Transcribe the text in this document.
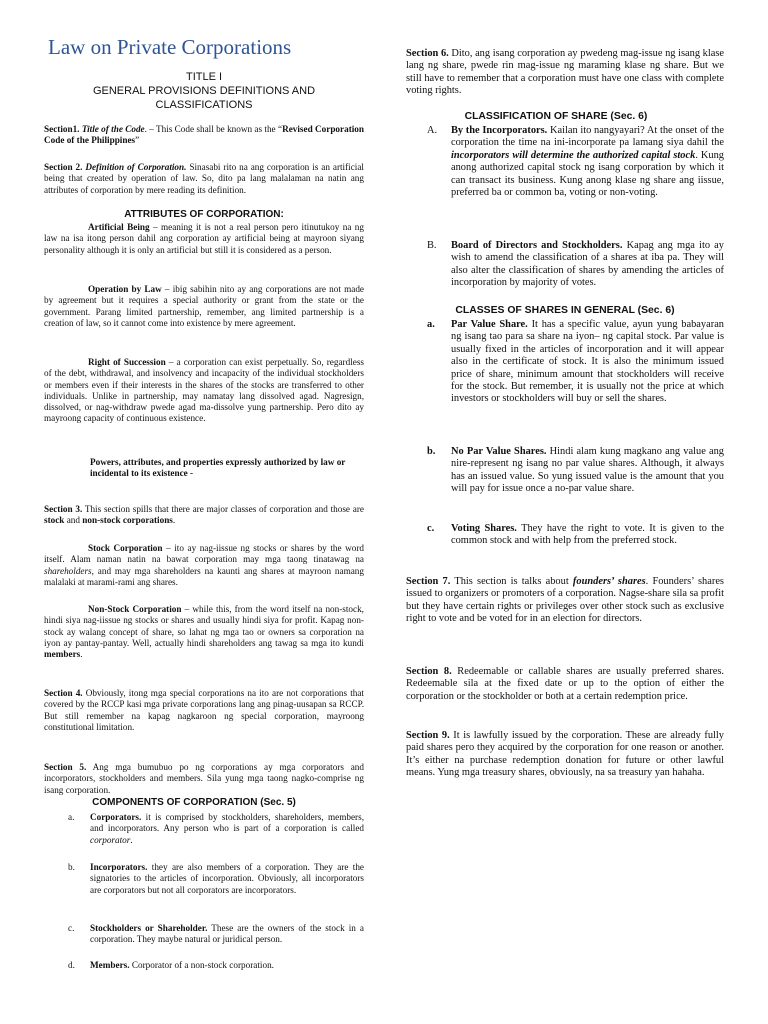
Law on Private Corporations
TITLE I
GENERAL PROVISIONS DEFINITIONS AND
CLASSIFICATIONS

Section1. Title of the Code. – This Code shall be known as the “Revised Corporation Code of the Philippines”

Section 2. Definition of Corporation. Sinasabi rito na ang corporation is an artificial being that created by operation of law. So, dito pa lang malalaman na natin ang attributes of corporation by mere reading its definition.

ATTRIBUTES OF CORPORATION:

Artificial Being – meaning it is not a real person pero itinutukoy na ng law na isa itong person dahil ang corporation ay artificial being at mayroon siyang personality although it is only an artificial but still it is considered as a person.

Operation by Law – ibig sabihin nito ay ang corporations are not made by agreement but it requires a special authority or grant from the state or the government. Parang limited partnership, remember, ang limited partnership is a creation of law, so it cannot come into existence by mere agreement.

Right of Succession – a corporation can exist perpetually. So, regardless of the debt, withdrawal, and insolvency and incapacity of the individual stockholders or members even if their interests in the shares of the stocks are transferred to other individuals. Unlike in partnership, may namatay lang dissolved agad. Nagresign, dissolved, or nag-withdraw pwede agad ma-dissolve yung partnership. Pero dito ay mayroong capacity of continuous existence.

Powers, attributes, and properties expressly authorized by law or incidental to its existence -

Section 3. This section spills that there are major classes of corporation and those are stock and non-stock corporations.

Stock Corporation – ito ay nag-iissue ng stocks or shares by the word itself. Alam naman natin na bawat corporation may mga taong tinatawag na shareholders, and may mga shareholders na kaunti ang shares at mayroon namang malalaki at marami-rami ang shares.

Non-Stock Corporation – while this, from the word itself na non-stock, hindi siya nag-iissue ng stocks or shares and usually hindi siya for profit. Kapag non-stock ay walang concept of share, so lahat ng mga tao or owners sa corporation na iyon ay pantay-pantay. Well, actually hindi shareholders ang tawag sa mga ito kundi members.

Section 4. Obviously, itong mga special corporations na ito are not corporations that covered by the RCCP kasi mga private corporations lang ang pinag-uusapan sa RCCP. But still remember na kapag nagkaroon ng special corporation, mayroong constitutional limitation.

Section 5. Ang mga bumubuo po ng corporations ay mga corporators and incorporators, stockholders and members. Sila yung mga taong nagko-comprise ng isang corporation.

COMPONENTS OF CORPORATION (Sec. 5)

a. Corporators. it is comprised by stockholders, shareholders, members, and incorporators. Any person who is part of a corporation is called corporator.

b. Incorporators. they are also members of a corporation. They are the signatories to the articles of incorporation. Obviously, all incorporators are corporators but not all corporators are incorporators.

c. Stockholders or Shareholder. These are the owners of the stock in a corporation. They maybe natural or juridical person.

d. Members. Corporator of a non-stock corporation.

Section 6. Dito, ang isang corporation ay pwedeng mag-issue ng isang klase lang ng share, pwede rin mag-issue ng maraming klase ng share. But we still have to remember that a corporation must have one class with complete voting rights.

CLASSIFICATION OF SHARE (Sec. 6)

A. By the Incorporators. Kailan ito nangyayari? At the onset of the corporation the time na ini-incorporate pa lamang siya dahil the incorporators will determine the authorized capital stock. Kung anong authorized capital stock ng isang corporation by which it can transact its business. Kung anong klase ng share ang iissue, preferred ba or common ba, voting or non-voting.

B. Board of Directors and Stockholders. Kapag ang mga ito ay wish to amend the classification of a shares at iba pa. They will also alter the classification of shares by amending the articles of incorporation by majority of votes.

CLASSES OF SHARES IN GENERAL (Sec. 6)

a. Par Value Share. It has a specific value, ayun yung babayaran ng isang tao para sa share na iyon– ng capital stock. Par value is usually fixed in the articles of incorporation and it will appear also in the certificate of stock. It is also the minimum issued price of share, minimum amount that stockholders will receive for the stock. But remember, it is usually not the price at which investors or stockholders will buy or sell the shares.

b. No Par Value Shares. Hindi alam kung magkano ang value ang nire-represent ng isang no par value shares. Although, it always has an issued value. So yung issued value is the amount that you will pay for issue once a no-par value share.

c. Voting Shares. They have the right to vote. It is given to the common stock and with help from the preferred stock.

Section 7. This section is talks about founders’ shares. Founders’ shares issued to organizers or promoters of a corporation. Nagse-share sila sa profit but they have certain rights or privileges over other stock such as exclusive right to vote and be voted for in an election for directors.

Section 8. Redeemable or callable shares are usually preferred shares. Redeemable sila at the fixed date or up to the option of either the corporation or the stockholder or both at a certain redemption price.

Section 9. It is lawfully issued by the corporation. These are already fully paid shares pero they acquired by the corporation for one reason or another. It’s either na purchase redemption donation for future or other lawful means. Yung mga treasury shares, obviously, na sa treasury yan hahaha.
